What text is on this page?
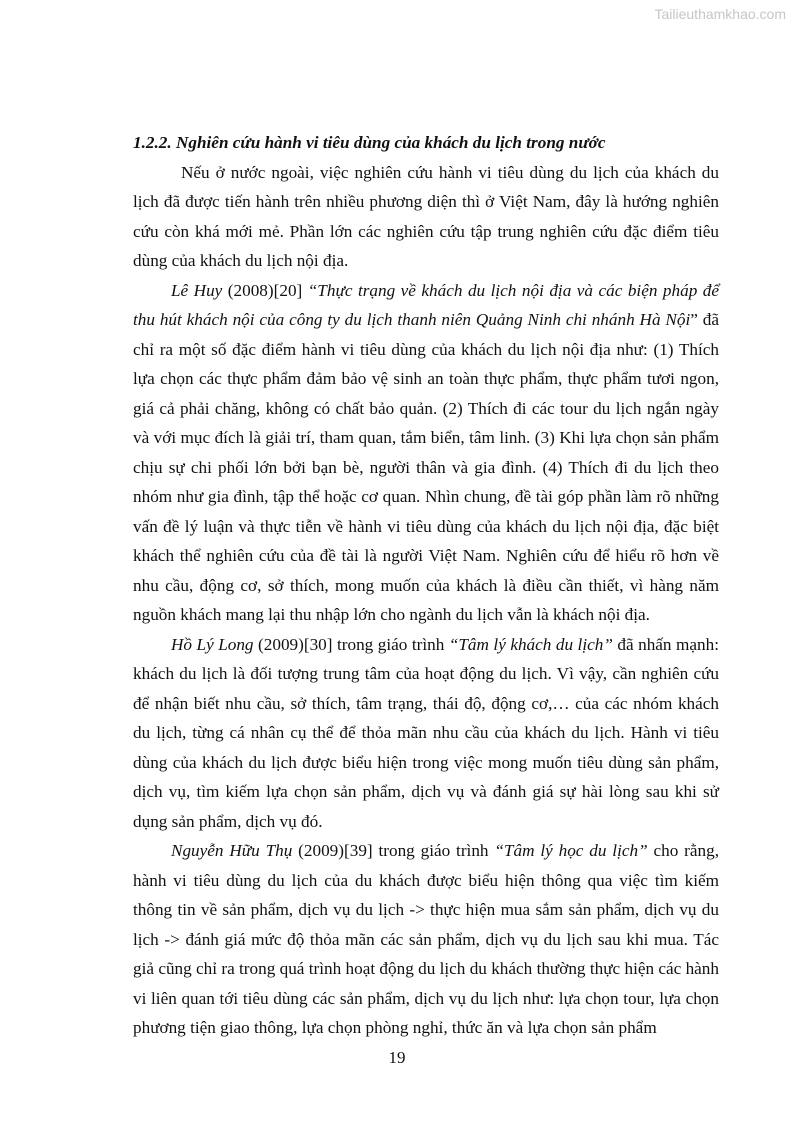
Tailieuthamkhao.com

1.2.2. Nghiên cứu hành vi tiêu dùng của khách du lịch trong nước

Nếu ở nước ngoài, việc nghiên cứu hành vi tiêu dùng du lịch của khách du lịch đã được tiến hành trên nhiều phương diện thì ở Việt Nam, đây là hướng nghiên cứu còn khá mới mẻ. Phần lớn các nghiên cứu tập trung nghiên cứu đặc điểm tiêu dùng của khách du lịch nội địa.

Lê Huy (2008)[20] “Thực trạng về khách du lịch nội địa và các biện pháp để thu hút khách nội của công ty du lịch thanh niên Quảng Ninh chi nhánh Hà Nội” đã chỉ ra một số đặc điểm hành vi tiêu dùng của khách du lịch nội địa như: (1) Thích lựa chọn các thực phẩm đảm bảo vệ sinh an toàn thực phẩm, thực phẩm tươi ngon, giá cả phải chăng, không có chất bảo quản. (2) Thích đi các tour du lịch ngắn ngày và với mục đích là giải trí, tham quan, tắm biển, tâm linh. (3) Khi lựa chọn sản phẩm chịu sự chi phối lớn bởi bạn bè, người thân và gia đình. (4) Thích đi du lịch theo nhóm như gia đình, tập thể hoặc cơ quan. Nhìn chung, đề tài góp phần làm rõ những vấn đề lý luận và thực tiễn về hành vi tiêu dùng của khách du lịch nội địa, đặc biệt khách thể nghiên cứu của đề tài là người Việt Nam. Nghiên cứu để hiểu rõ hơn về nhu cầu, động cơ, sở thích, mong muốn của khách là điều cần thiết, vì hàng năm nguồn khách mang lại thu nhập lớn cho ngành du lịch vẫn là khách nội địa.

Hồ Lý Long (2009)[30] trong giáo trình “Tâm lý khách du lịch” đã nhấn mạnh: khách du lịch là đối tượng trung tâm của hoạt động du lịch. Vì vậy, cần nghiên cứu để nhận biết nhu cầu, sở thích, tâm trạng, thái độ, động cơ,… của các nhóm khách du lịch, từng cá nhân cụ thể để thỏa mãn nhu cầu của khách du lịch. Hành vi tiêu dùng của khách du lịch được biểu hiện trong việc mong muốn tiêu dùng sản phẩm, dịch vụ, tìm kiếm lựa chọn sản phẩm, dịch vụ và đánh giá sự hài lòng sau khi sử dụng sản phẩm, dịch vụ đó.

Nguyễn Hữu Thụ (2009)[39] trong giáo trình “Tâm lý học du lịch” cho rằng, hành vi tiêu dùng du lịch của du khách được biểu hiện thông qua việc tìm kiếm thông tin về sản phẩm, dịch vụ du lịch -> thực hiện mua sắm sản phẩm, dịch vụ du lịch -> đánh giá mức độ thỏa mãn các sản phẩm, dịch vụ du lịch sau khi mua. Tác giả cũng chỉ ra trong quá trình hoạt động du lịch du khách thường thực hiện các hành vi liên quan tới tiêu dùng các sản phẩm, dịch vụ du lịch như: lựa chọn tour, lựa chọn phương tiện giao thông, lựa chọn phòng nghỉ, thức ăn và lựa chọn sản phẩm

19
